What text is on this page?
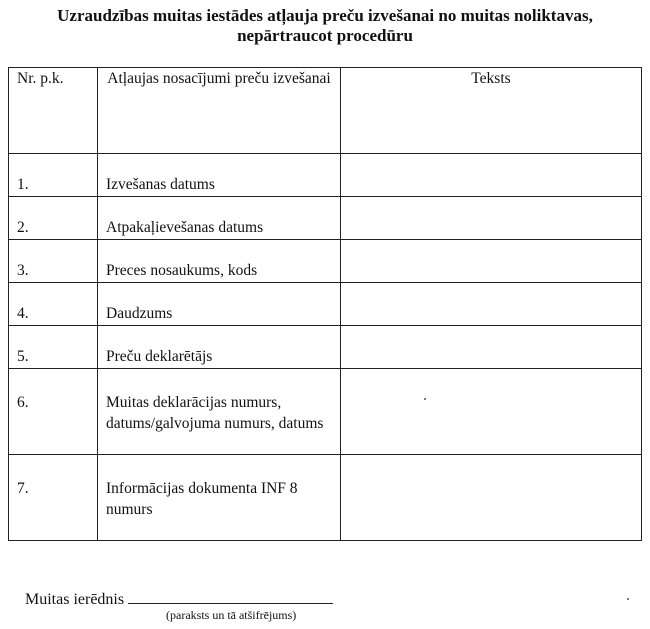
Uzraudzības muitas iestādes atļauja preču izvešanai no muitas noliktavas,
nepārtraucot procedūru
Nr. p.k.	Atļaujas nosacījumi preču izvešanai	Teksts
1.	Izvešanas datums	
2.	Atpakaļievešanas datums	
3.	Preces nosaukums, kods	
4.	Daudzums	
5.	Preču deklarētājs	
6.	Muitas deklarācijas numurs, datums/galvojuma numurs, datums	
7.	Informācijas dokumenta INF 8 numurs	
Muitas ierēdnis
(paraksts un tā atšifrējums)
